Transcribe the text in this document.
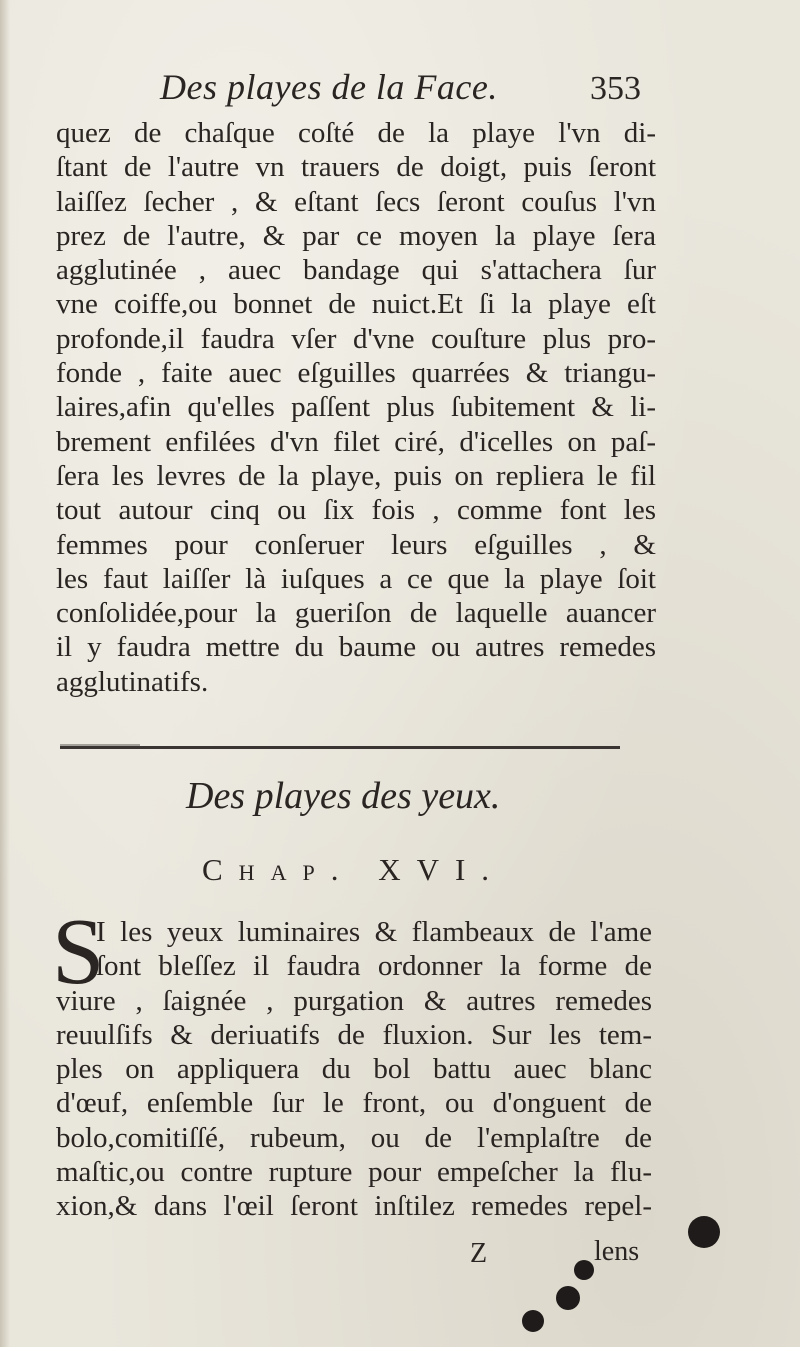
Des playes de la Face.	353
quez de chaſque coſté de la playe l'vn di-
ſtant de l'autre vn trauers de doigt, puis ſeront
laiſſez ſecher , & eſtant ſecs ſeront couſus l'vn
prez de l'autre, & par ce moyen la playe ſera
agglutinée , auec bandage qui s'attachera ſur
vne coiffe,ou bonnet de nuict.Et ſi la playe eſt
profonde,il faudra vſer d'vne couſture plus pro-
fonde , faite auec eſguilles quarrées & triangu-
laires,afin qu'elles paſſent plus ſubitement & li-
brement enfilées d'vn filet ciré, d'icelles on paſ-
ſera les levres de la playe, puis on repliera le fil
tout autour cinq ou ſix fois , comme font les
femmes pour conſeruer leurs eſguilles , &
les faut laiſſer là iuſques a ce que la playe ſoit
conſolidée,pour la gueriſon de laquelle auancer
il y faudra mettre du baume ou autres remedes
agglutinatifs.
Des playes des yeux.
Chap. XVI.
S
I les yeux luminaires & flambeaux de l'ame
ſont bleſſez il faudra ordonner la forme de
viure , ſaignée , purgation & autres remedes
reuulſifs & deriuatifs de fluxion. Sur les tem-
ples on appliquera du bol battu auec blanc
d'œuf, enſemble ſur le front, ou d'onguent de
bolo,comitiſſé, rubeum, ou de l'emplaſtre de
maſtic,ou contre rupture pour empeſcher la flu-
xion,& dans l'œil ſeront inſtilez remedes repel-
Z	lens
